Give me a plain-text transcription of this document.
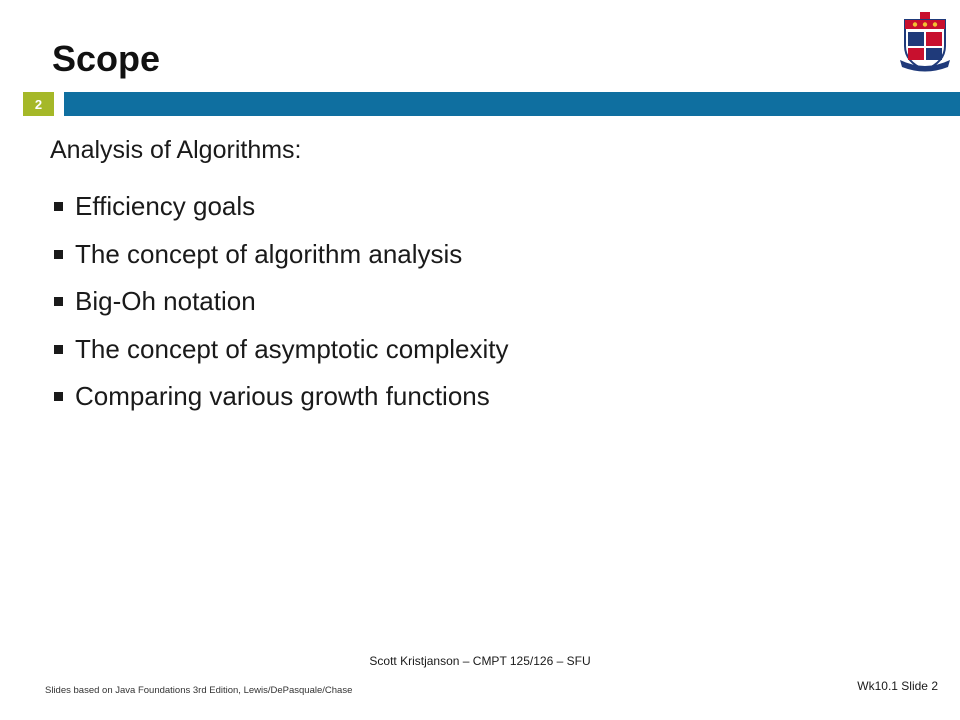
Scope
2
Analysis of Algorithms:
Efficiency goals
The concept of algorithm analysis
Big-Oh notation
The concept of asymptotic complexity
Comparing various growth functions
Scott Kristjanson – CMPT 125/126 – SFU
Slides based on Java Foundations 3rd Edition, Lewis/DePasquale/Chase	Wk10.1 Slide 2
